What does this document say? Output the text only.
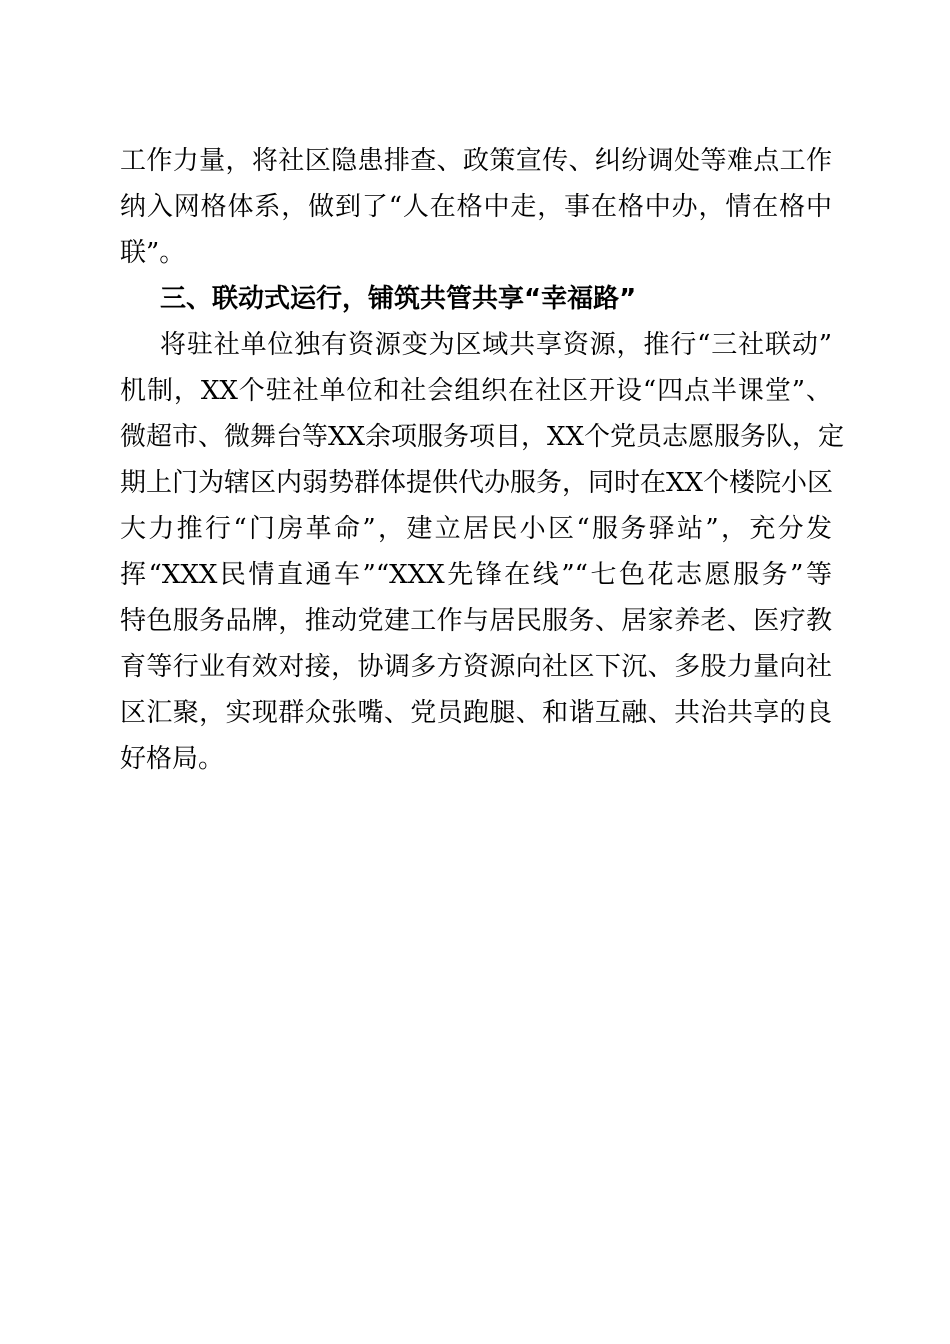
工作力量，将社区隐患排查、政策宣传、纠纷调处等难点工作
纳入网格体系，做到了“人在格中走，事在格中办，情在格中
联”。
三、联动式运行，铺筑共管共享“幸福路”
将驻社单位独有资源变为区域共享资源，推行“三社联动”
机制，XX个驻社单位和社会组织在社区开设“四点半课堂”、
微超市、微舞台等XX余项服务项目，XX个党员志愿服务队，定
期上门为辖区内弱势群体提供代办服务，同时在XX个楼院小区
大力推行“门房革命”，建立居民小区“服务驿站”，充分发
挥“XXX民情直通车”“XXX先锋在线”“七色花志愿服务”等
特色服务品牌，推动党建工作与居民服务、居家养老、医疗教
育等行业有效对接，协调多方资源向社区下沉、多股力量向社
区汇聚，实现群众张嘴、党员跑腿、和谐互融、共治共享的良
好格局。
